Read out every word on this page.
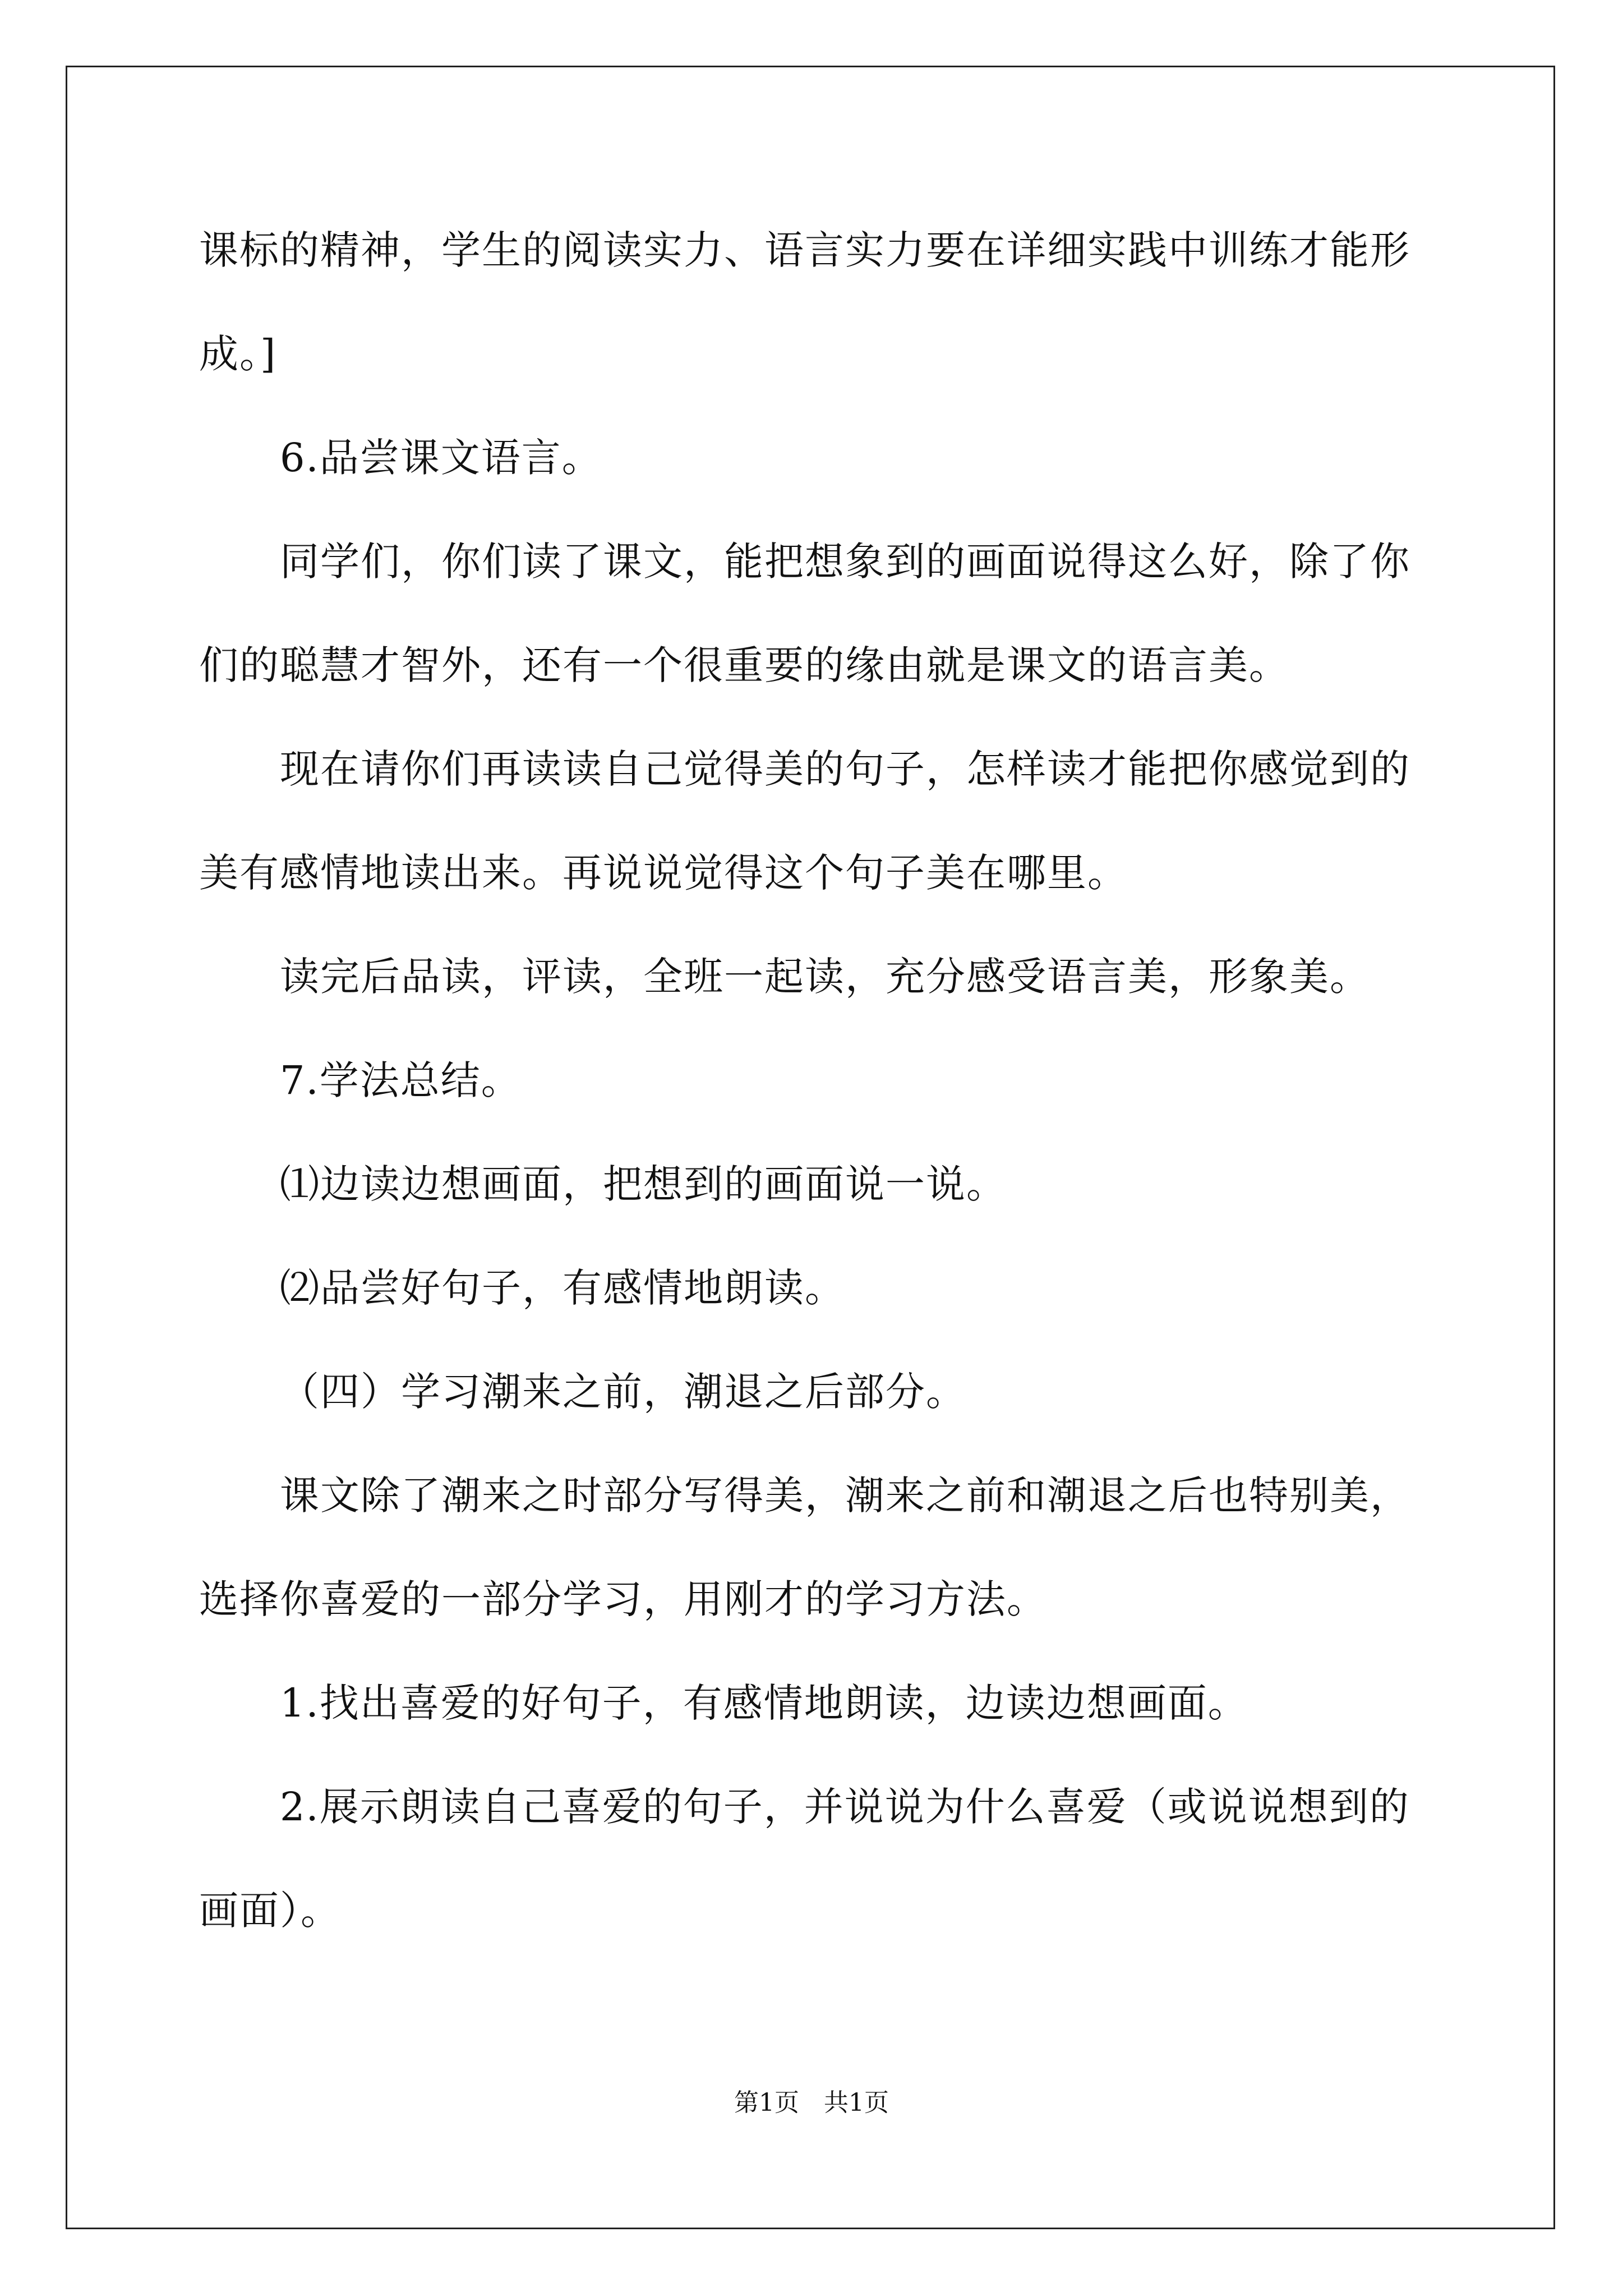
课标的精神，学生的阅读实力、语言实力要在详细实践中训练才能形
成。]
6.品尝课文语言。
同学们，你们读了课文，能把想象到的画面说得这么好，除了你
们的聪慧才智外，还有一个很重要的缘由就是课文的语言美。
现在请你们再读读自己觉得美的句子，怎样读才能把你感觉到的
美有感情地读出来。再说说觉得这个句子美在哪里。
读完后品读，评读，全班一起读，充分感受语言美，形象美。
7.学法总结。
⑴边读边想画面，把想到的画面说一说。
⑵品尝好句子，有感情地朗读。
（四）学习潮来之前，潮退之后部分。
课文除了潮来之时部分写得美，潮来之前和潮退之后也特别美，
选择你喜爱的一部分学习，用刚才的学习方法。
1.找出喜爱的好句子，有感情地朗读，边读边想画面。
2.展示朗读自己喜爱的句子，并说说为什么喜爱（或说说想到的
画面）。
第1页　共1页
